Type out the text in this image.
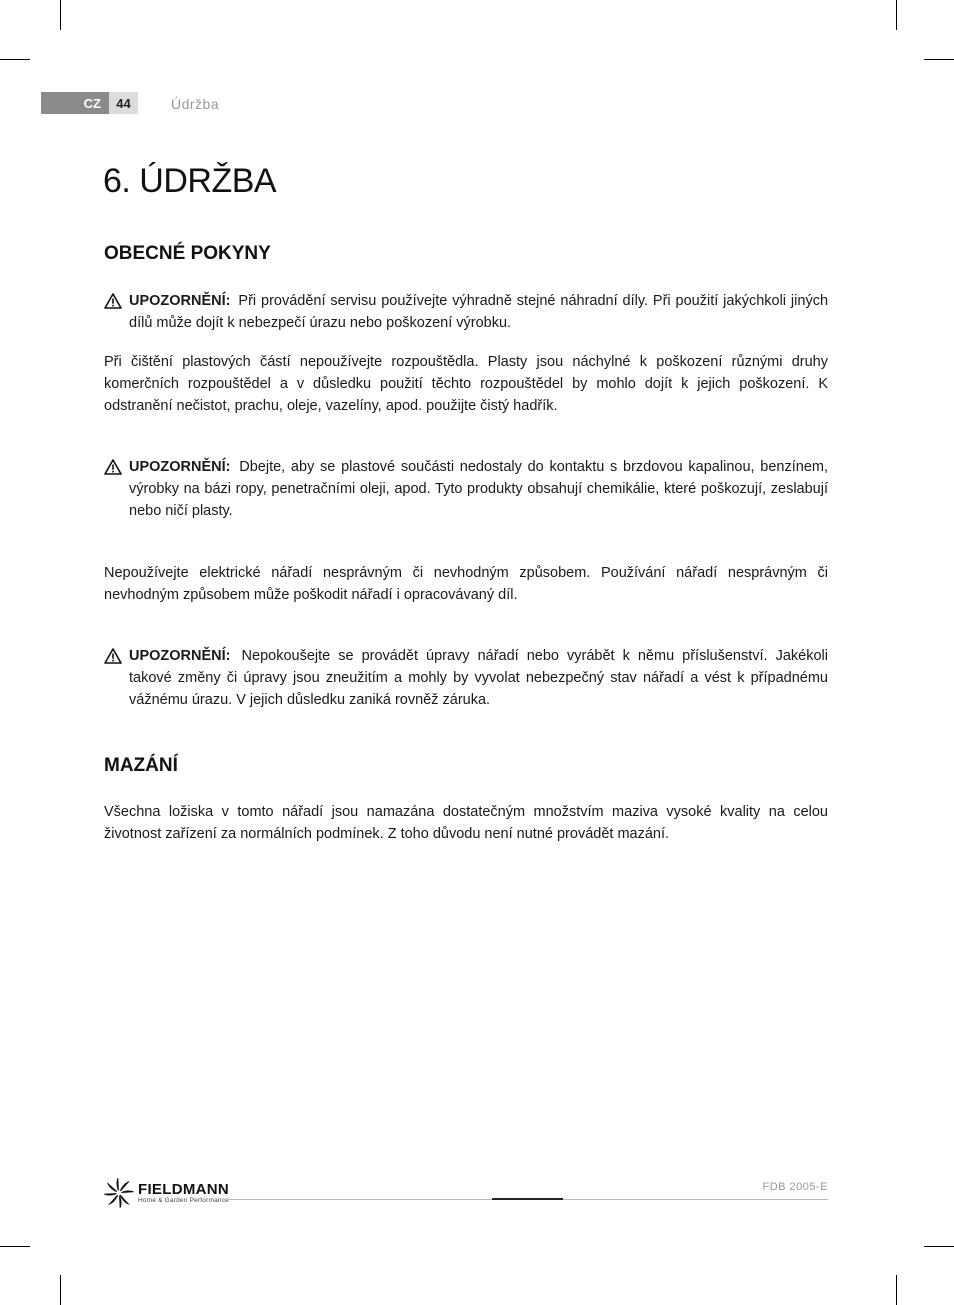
CZ	44	Údržba
6. ÚDRŽBA
OBECNÉ POKYNY

UPOZORNĚNÍ: Při provádění servisu používejte výhradně stejné náhradní díly. Při použití jakýchkoli jiných dílů může dojít k nebezpečí úrazu nebo poškození výrobku.

Při čištění plastových částí nepoužívejte rozpouštědla. Plasty jsou náchylné k poškození různými druhy komerčních rozpouštědel a v důsledku použití těchto rozpouštědel by mohlo dojít k jejich poškození. K odstranění nečistot, prachu, oleje, vazelíny, apod. použijte čistý hadřík.

UPOZORNĚNÍ: Dbejte, aby se plastové součásti nedostaly do kontaktu s brzdovou kapalinou, benzínem, výrobky na bázi ropy, penetračními oleji, apod. Tyto produkty obsahují chemikálie, které poškozují, zeslabují nebo ničí plasty.

Nepoužívejte elektrické nářadí nesprávným či nevhodným způsobem. Používání nářadí nesprávným či nevhodným způsobem může poškodit nářadí i opracovávaný díl.

UPOZORNĚNÍ: Nepokoušejte se provádět úpravy nářadí nebo vyrábět k němu příslušenství. Jakékoli takové změny či úpravy jsou zneužitím a mohly by vyvolat nebezpečný stav nářadí a vést k případnému vážnému úrazu. V jejich důsledku zaniká rovněž záruka.

MAZÁNÍ

Všechna ložiska v tomto nářadí jsou namazána dostatečným množstvím maziva vysoké kvality na celou životnost zařízení za normálních podmínek. Z toho důvodu není nutné provádět mazání.

FIELDMANN
Home & Garden Performance
FDB 2005-E
